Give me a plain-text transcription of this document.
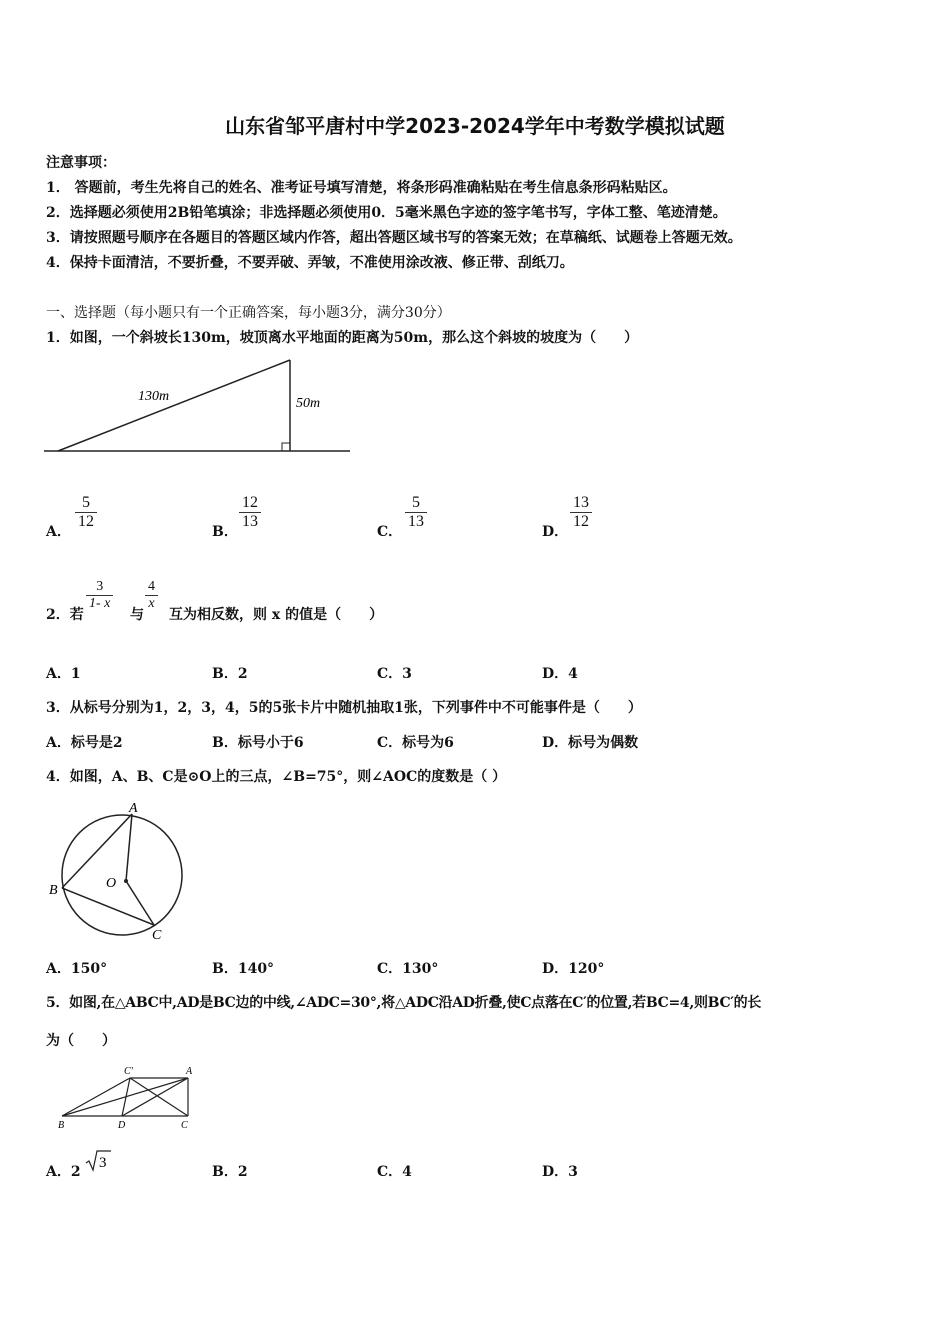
山东省邹平唐村中学2023-2024学年中考数学模拟试题
注意事项：
1． 答题前，考生先将自己的姓名、准考证号填写清楚，将条形码准确粘贴在考生信息条形码粘贴区。
2．选择题必须使用2B铅笔填涂；非选择题必须使用0．5毫米黑色字迹的签字笔书写，字体工整、笔迹清楚。
3．请按照题号顺序在各题目的答题区域内作答，超出答题区域书写的答案无效；在草稿纸、试题卷上答题无效。
4．保持卡面清洁，不要折叠，不要弄破、弄皱，不准使用涂改液、修正带、刮纸刀。
一、选择题（每小题只有一个正确答案，每小题3分，满分30分）
1．如图，一个斜坡长130m，坡顶离水平地面的距离为50m，那么这个斜坡的坡度为（　　）
130m	50m
A．
5
12
B．
12
13
C．
5
13
D．
13
12
2．若
3
1- x
与
4
x
互为相反数，则 x 的值是（　　）
A．1	B．2	C．3	D．4
3．从标号分别为1，2，3，4，5的5张卡片中随机抽取1张，下列事件中不可能事件是（　　）
A．标号是2	B．标号小于6	C．标号为6	D．标号为偶数
4．如图，A、B、C是⊙O上的三点，∠B=75°，则∠AOC的度数是（ ）
A
B
C
O
A．150°	B．140°	C．130°	D．120°
5．如图,在△ABC中,AD是BC边的中线,∠ADC=30°,将△ADC沿AD折叠,使C点落在C′的位置,若BC=4,则BC′的长
为（　　）
C'	A
B	D	C
A．2
3
B．2	C．4	D．3
